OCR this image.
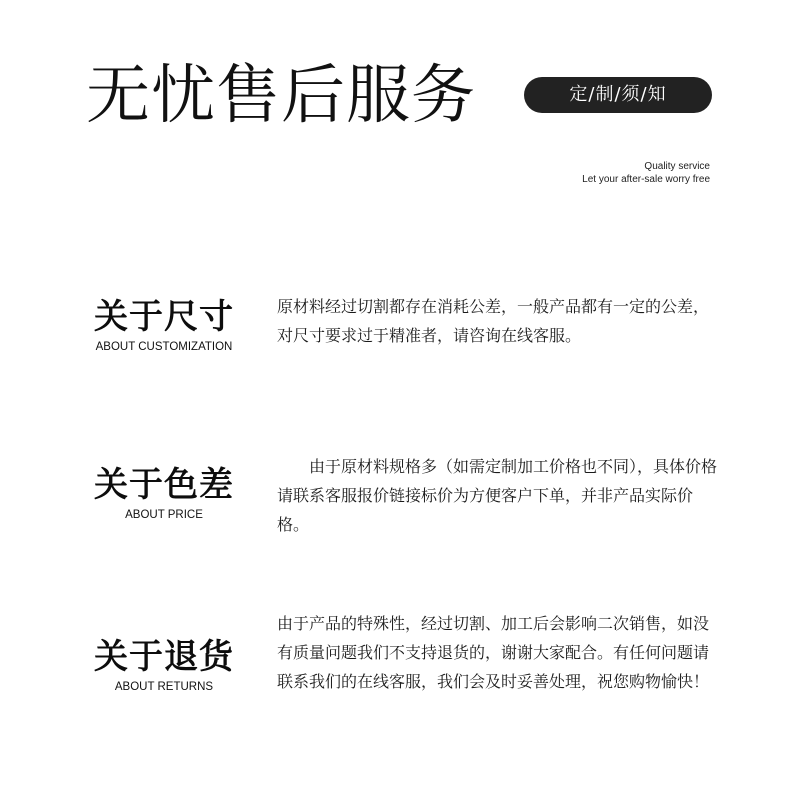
无忧售后服务	定/制/须/知
Quality service
Let your after-sale worry free
关于尺寸
ABOUT CUSTOMIZATION
原材料经过切割都存在消耗公差，一般产品都有一定的公差，对尺寸要求过于精准者，请咨询在线客服。
关于色差
ABOUT PRICE
由于原材料规格多（如需定制加工价格也不同），具体价格请联系客服报价链接标价为方便客户下单，并非产品实际价格。
关于退货
ABOUT RETURNS
由于产品的特殊性，经过切割、加工后会影响二次销售，如没有质量问题我们不支持退货的，谢谢大家配合。有任何问题请联系我们的在线客服，我们会及时妥善处理，祝您购物愉快！
